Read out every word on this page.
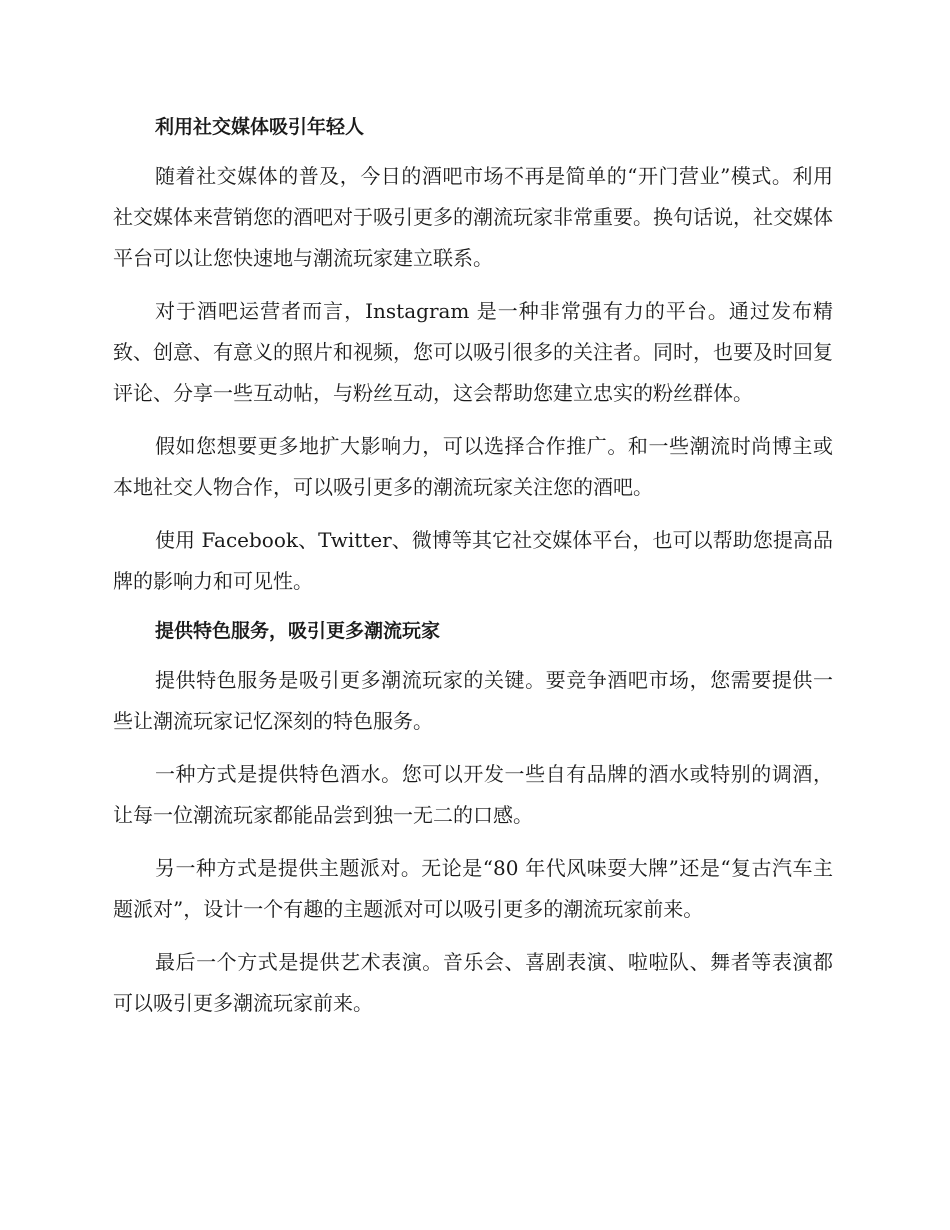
利用社交媒体吸引年轻人

随着社交媒体的普及，今日的酒吧市场不再是简单的“开门营业”模式。利用社交媒体来营销您的酒吧对于吸引更多的潮流玩家非常重要。换句话说，社交媒体平台可以让您快速地与潮流玩家建立联系。

对于酒吧运营者而言，Instagram 是一种非常强有力的平台。通过发布精致、创意、有意义的照片和视频，您可以吸引很多的关注者。同时，也要及时回复评论、分享一些互动帖，与粉丝互动，这会帮助您建立忠实的粉丝群体。

假如您想要更多地扩大影响力，可以选择合作推广。和一些潮流时尚博主或本地社交人物合作，可以吸引更多的潮流玩家关注您的酒吧。

使用 Facebook、Twitter、微博等其它社交媒体平台，也可以帮助您提高品牌的影响力和可见性。

提供特色服务，吸引更多潮流玩家

提供特色服务是吸引更多潮流玩家的关键。要竞争酒吧市场，您需要提供一些让潮流玩家记忆深刻的特色服务。

一种方式是提供特色酒水。您可以开发一些自有品牌的酒水或特别的调酒，让每一位潮流玩家都能品尝到独一无二的口感。

另一种方式是提供主题派对。无论是“80 年代风味耍大牌”还是“复古汽车主题派对”，设计一个有趣的主题派对可以吸引更多的潮流玩家前来。

最后一个方式是提供艺术表演。音乐会、喜剧表演、啦啦队、舞者等表演都可以吸引更多潮流玩家前来。
